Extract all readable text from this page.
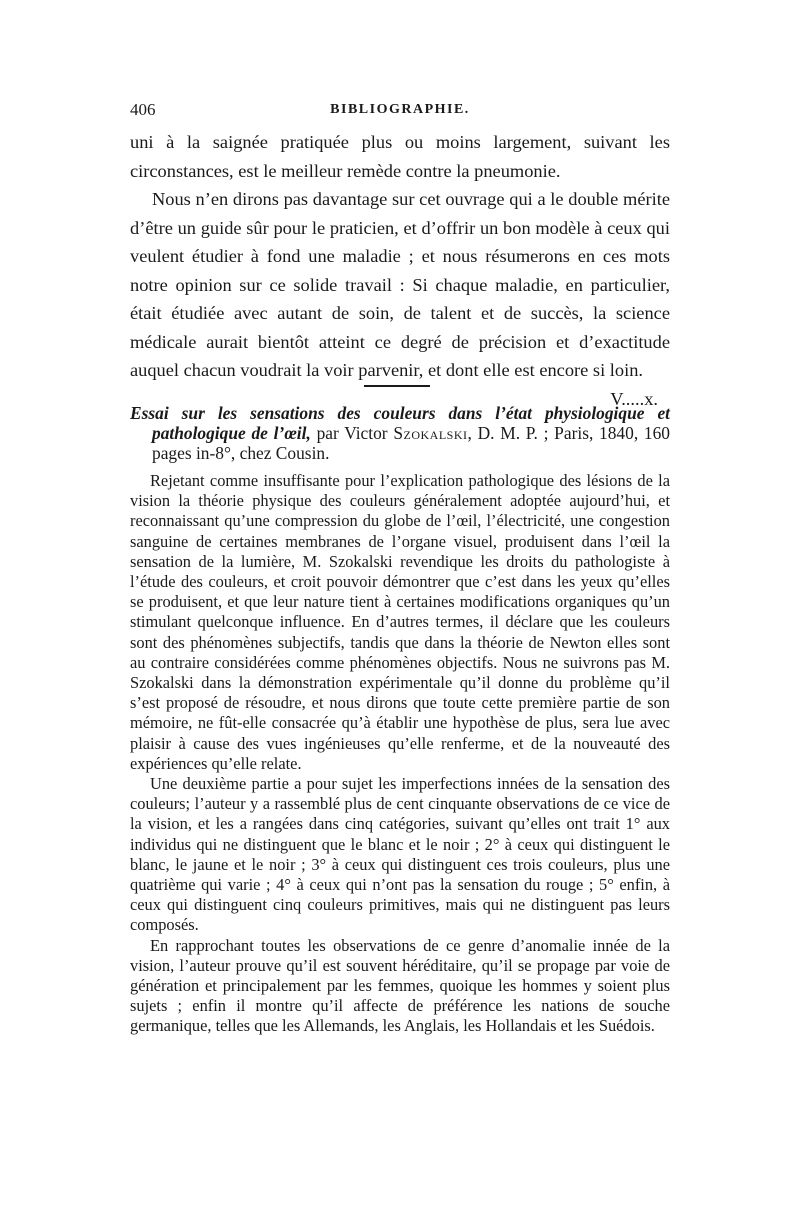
406	BIBLIOGRAPHIE.

uni à la saignée pratiquée plus ou moins largement, suivant les circonstances, est le meilleur remède contre la pneumonie.

Nous n’en dirons pas davantage sur cet ouvrage qui a le double mérite d’être un guide sûr pour le praticien, et d’offrir un bon modèle à ceux qui veulent étudier à fond une maladie ; et nous résumerons en ces mots notre opinion sur ce solide travail : Si chaque maladie, en particulier, était étudiée avec autant de soin, de talent et de succès, la science médicale aurait bientôt atteint ce degré de précision et d’exactitude auquel chacun voudrait la voir parvenir, et dont elle est encore si loin.
V.....x.

Essai sur les sensations des couleurs dans l’état physiologique et pathologique de l’œil, par Victor Szokalski, D. M. P. ; Paris, 1840, 160 pages in-8°, chez Cousin.

Rejetant comme insuffisante pour l’explication pathologique des lésions de la vision la théorie physique des couleurs généralement adoptée aujourd’hui, et reconnaissant qu’une compression du globe de l’œil, l’électricité, une congestion sanguine de certaines membranes de l’organe visuel, produisent dans l’œil la sensation de la lumière, M. Szokalski revendique les droits du pathologiste à l’étude des couleurs, et croit pouvoir démontrer que c’est dans les yeux qu’elles se produisent, et que leur nature tient à certaines modifications organiques qu’un stimulant quelconque influence. En d’autres termes, il déclare que les couleurs sont des phénomènes subjectifs, tandis que dans la théorie de Newton elles sont au contraire considérées comme phénomènes objectifs. Nous ne suivrons pas M. Szokalski dans la démonstration expérimentale qu’il donne du problème qu’il s’est proposé de résoudre, et nous dirons que toute cette première partie de son mémoire, ne fût-elle consacrée qu’à établir une hypothèse de plus, sera lue avec plaisir à cause des vues ingénieuses qu’elle renferme, et de la nouveauté des expériences qu’elle relate.

Une deuxième partie a pour sujet les imperfections innées de la sensation des couleurs; l’auteur y a rassemblé plus de cent cinquante observations de ce vice de la vision, et les a rangées dans cinq catégories, suivant qu’elles ont trait 1° aux individus qui ne distinguent que le blanc et le noir ; 2° à ceux qui distinguent le blanc, le jaune et le noir ; 3° à ceux qui distinguent ces trois couleurs, plus une quatrième qui varie ; 4° à ceux qui n’ont pas la sensation du rouge ; 5° enfin, à ceux qui distinguent cinq couleurs primitives, mais qui ne distinguent pas leurs composés.

En rapprochant toutes les observations de ce genre d’anomalie innée de la vision, l’auteur prouve qu’il est souvent héréditaire, qu’il se propage par voie de génération et principalement par les femmes, quoique les hommes y soient plus sujets ; enfin il montre qu’il affecte de préférence les nations de souche germanique, telles que les Allemands, les Anglais, les Hollandais et les Suédois.
